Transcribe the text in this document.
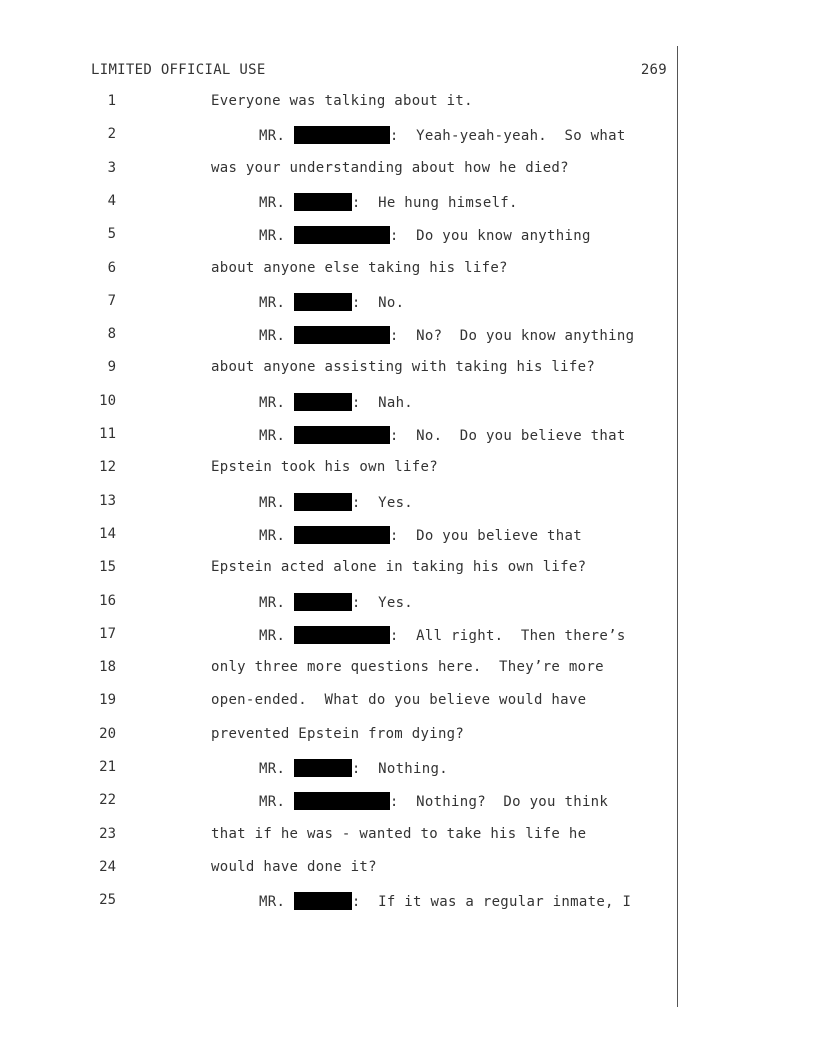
LIMITED OFFICIAL USE	269
1	Everyone was talking about it.
2	MR.	:  Yeah-yeah-yeah.  So what
3	was your understanding about how he died?
4	MR.	:  He hung himself.
5	MR.	:  Do you know anything
6	about anyone else taking his life?
7	MR.	:  No.
8	MR.	:  No?  Do you know anything
9	about anyone assisting with taking his life?
10	MR.	:  Nah.
11	MR.	:  No.  Do you believe that
12	Epstein took his own life?
13	MR.	:  Yes.
14	MR.	:  Do you believe that
15	Epstein acted alone in taking his own life?
16	MR.	:  Yes.
17	MR.	:  All right.  Then there’s
18	only three more questions here.  They’re more
19	open-ended.  What do you believe would have
20	prevented Epstein from dying?
21	MR.	:  Nothing.
22	MR.	:  Nothing?  Do you think
23	that if he was - wanted to take his life he
24	would have done it?
25	MR.	:  If it was a regular inmate, I
